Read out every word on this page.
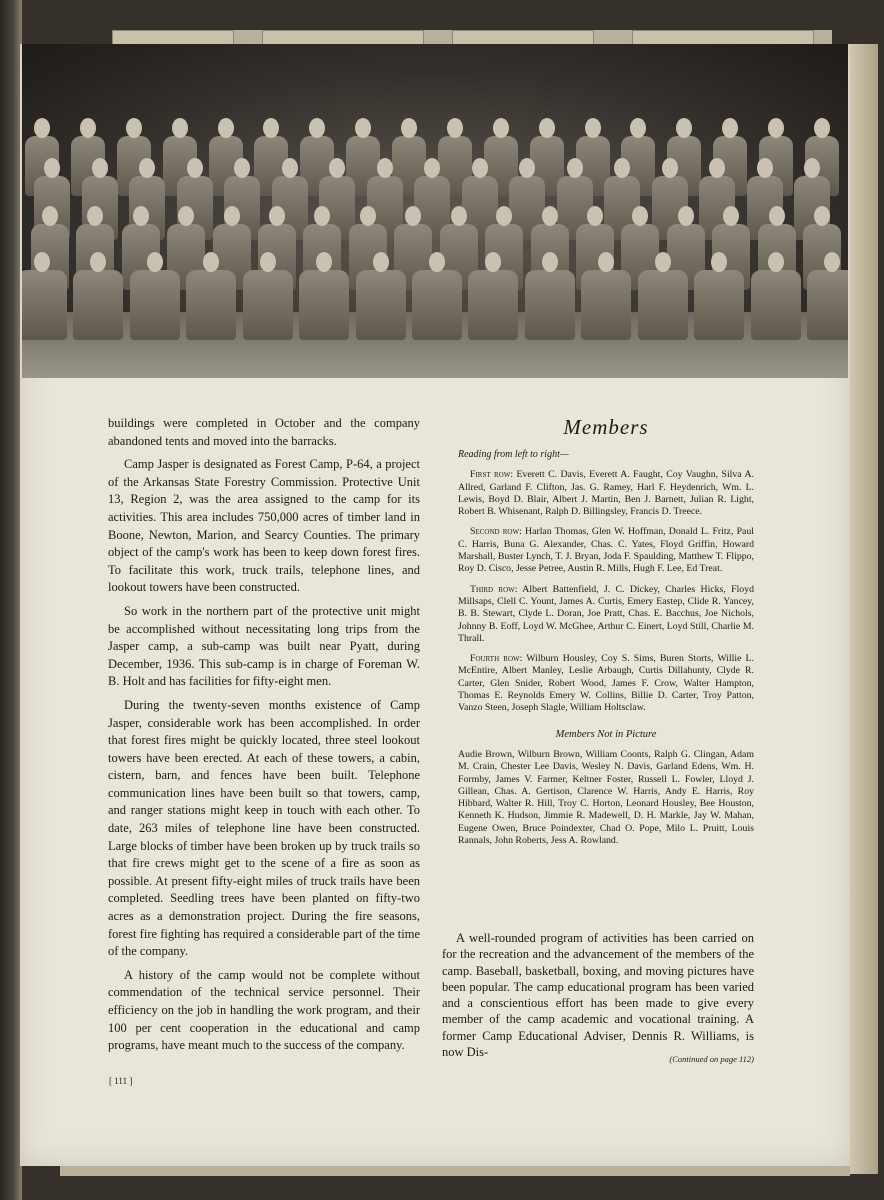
buildings were completed in October and the company abandoned tents and moved into the barracks.

Camp Jasper is designated as Forest Camp, P-64, a project of the Arkansas State Forestry Commission. Protective Unit 13, Region 2, was the area assigned to the camp for its activities. This area includes 750,000 acres of timber land in Boone, Newton, Marion, and Searcy Counties. The primary object of the camp's work has been to keep down forest fires. To facilitate this work, truck trails, telephone lines, and lookout towers have been constructed.

So work in the northern part of the protective unit might be accomplished without necessitating long trips from the Jasper camp, a sub-camp was built near Pyatt, during December, 1936. This sub-camp is in charge of Foreman W. B. Holt and has facilities for fifty-eight men.

During the twenty-seven months existence of Camp Jasper, considerable work has been accomplished. In order that forest fires might be quickly located, three steel lookout towers have been erected. At each of these towers, a cabin, cistern, barn, and fences have been built. Telephone communication lines have been built so that towers, camp, and ranger stations might keep in touch with each other. To date, 263 miles of telephone line have been constructed. Large blocks of timber have been broken up by truck trails so that fire crews might get to the scene of a fire as soon as possible. At present fifty-eight miles of truck trails have been completed. Seedling trees have been planted on fifty-two acres as a demonstration project. During the fire seasons, forest fire fighting has required a considerable part of the time of the company.

A history of the camp would not be complete without commendation of the technical service personnel. Their efficiency on the job in handling the work program, and their 100 per cent cooperation in the educational and camp programs, have meant much to the success of the company.

Members
Reading from left to right—
First row: Everett C. Davis, Everett A. Faught, Coy Vaughn, Silva A. Allred, Garland F. Clifton, Jas. G. Ramey, Harl F. Heydenrich, Wm. L. Lewis, Boyd D. Blair, Albert J. Martin, Ben J. Barnett, Julian R. Light, Robert B. Whisenant, Ralph D. Billingsley, Francis D. Treece.
Second row: Harlan Thomas, Glen W. Hoffman, Donald L. Fritz, Paul C. Harris, Buna G. Alexander, Chas. C. Yates, Floyd Griffin, Howard Marshall, Buster Lynch, T. J. Bryan, Joda F. Spaulding, Matthew T. Flippo, Roy D. Cisco, Jesse Petree, Austin R. Mills, Hugh F. Lee, Ed Treat.
Third row: Albert Battenfield, J. C. Dickey, Charles Hicks, Floyd Millsaps, Clell C. Yount, James A. Curtis, Emery Eastep, Clide R. Yancey, B. B. Stewart, Clyde L. Doran, Joe Pratt, Chas. E. Bacchus, Joe Nichols, Johnny B. Eoff, Loyd W. McGhee, Arthur C. Einert, Loyd Still, Charlie M. Thrall.
Fourth row: Wilburn Housley, Coy S. Sims, Buren Storts, Willie L. McEntire, Albert Manley, Leslie Arbaugh, Curtis Dillahunty, Clyde R. Carter, Glen Snider, Robert Wood, James F. Crow, Walter Hampton, Thomas E. Reynolds Emery W. Collins, Billie D. Carter, Troy Patton, Vanzo Steen, Joseph Slagle, William Holtsclaw.
Members Not in Picture
Audie Brown, Wilburn Brown, William Coonts, Ralph G. Clingan, Adam M. Crain, Chester Lee Davis, Wesley N. Davis, Garland Edens, Wm. H. Formby, James V. Farmer, Keltner Foster, Russell L. Fowler, Lloyd J. Gillean, Chas. A. Gertison, Clarence W. Harris, Andy E. Harris, Roy Hibbard, Walter R. Hill, Troy C. Horton, Leonard Housley, Bee Houston, Kenneth K. Hudson, Jimmie R. Madewell, D. H. Markle, Jay W. Mahan, Eugene Owen, Bruce Poindexter, Chad O. Pope, Milo L. Pruitt, Louis Rannals, John Roberts, Jess A. Rowland.
A well-rounded program of activities has been carried on for the recreation and the advancement of the members of the camp. Baseball, basketball, boxing, and moving pictures have been popular. The camp educational program has been varied and a conscientious effort has been made to give every member of the camp academic and vocational training. A former Camp Educational Adviser, Dennis R. Williams, is now Dis-	(Continued on page 112)
[ 111 ]
